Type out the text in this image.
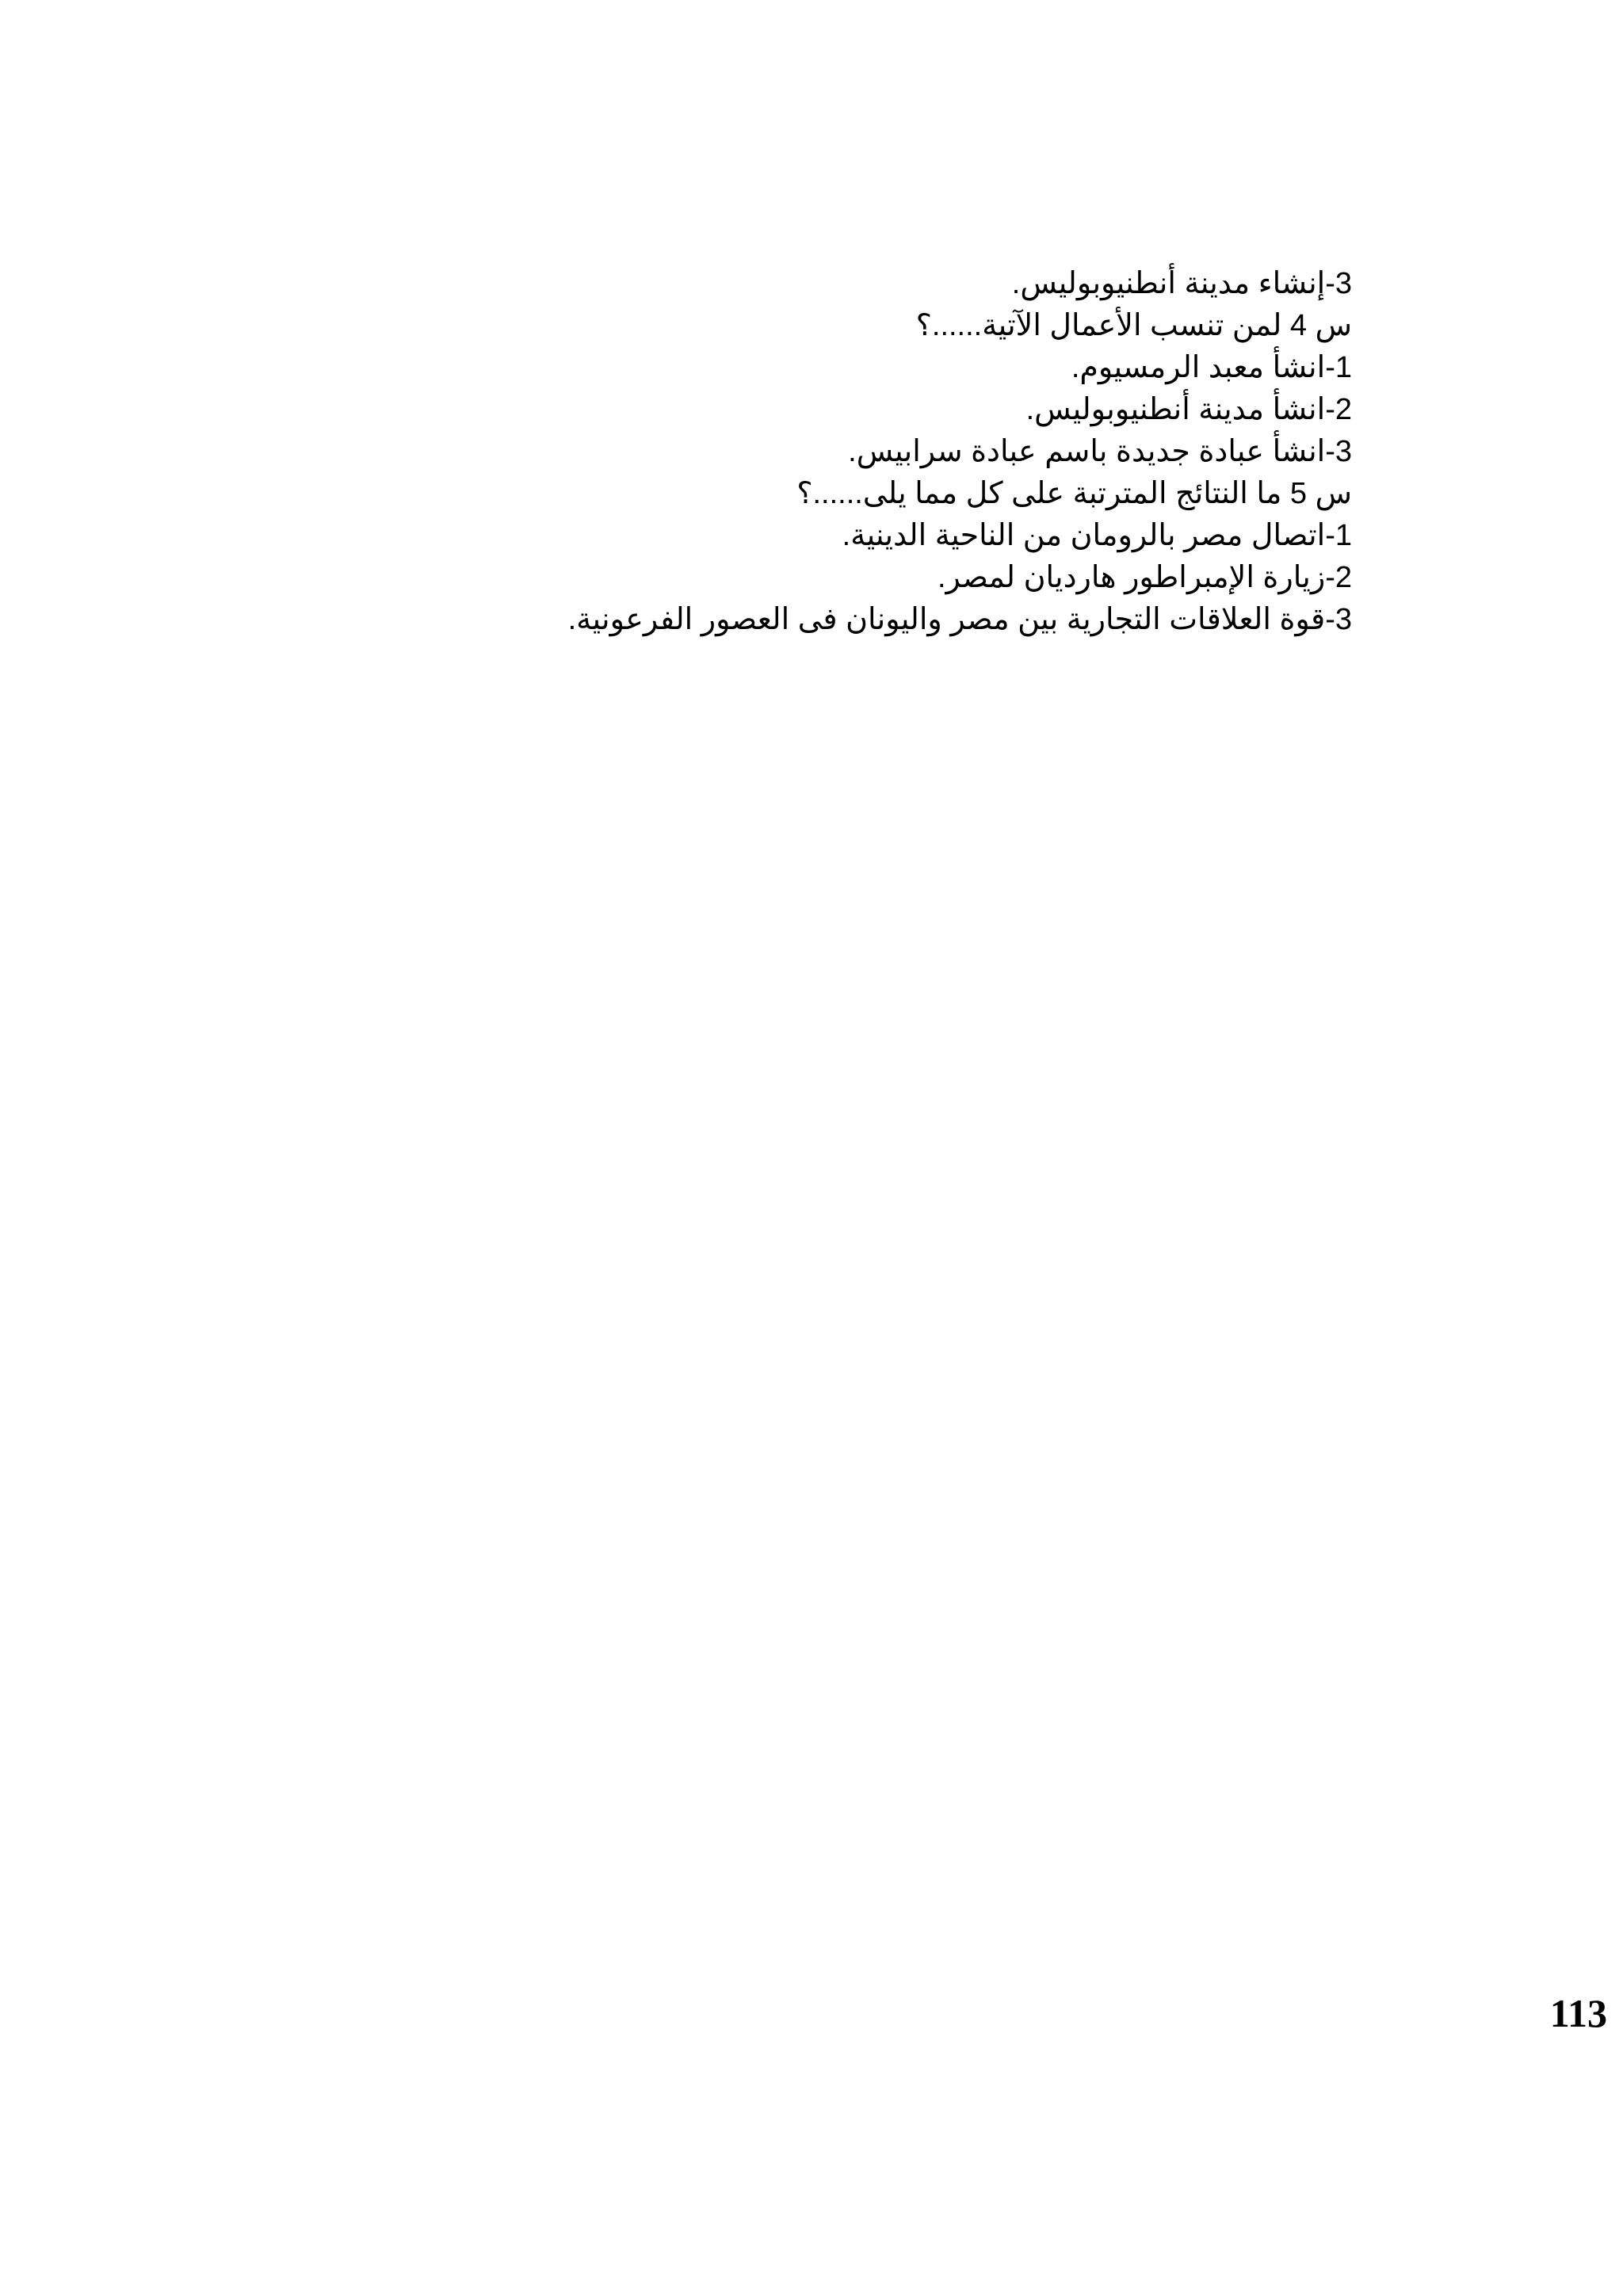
3-إنشاء مدينة أنطنيوبوليس.
س 4 لمن تنسب الأعمال الآتية......؟
1-انشأ معبد الرمسيوم.
2-انشأ مدينة أنطنيوبوليس.
3-انشأ عبادة جديدة باسم عبادة سرابيس.
س 5 ما النتائج المترتبة على كل مما يلى......؟
1-اتصال مصر بالرومان من الناحية الدينية.
2-زيارة الإمبراطور هارديان لمصر.
3-قوة العلاقات التجارية بين مصر واليونان فى العصور الفرعونية.
113
